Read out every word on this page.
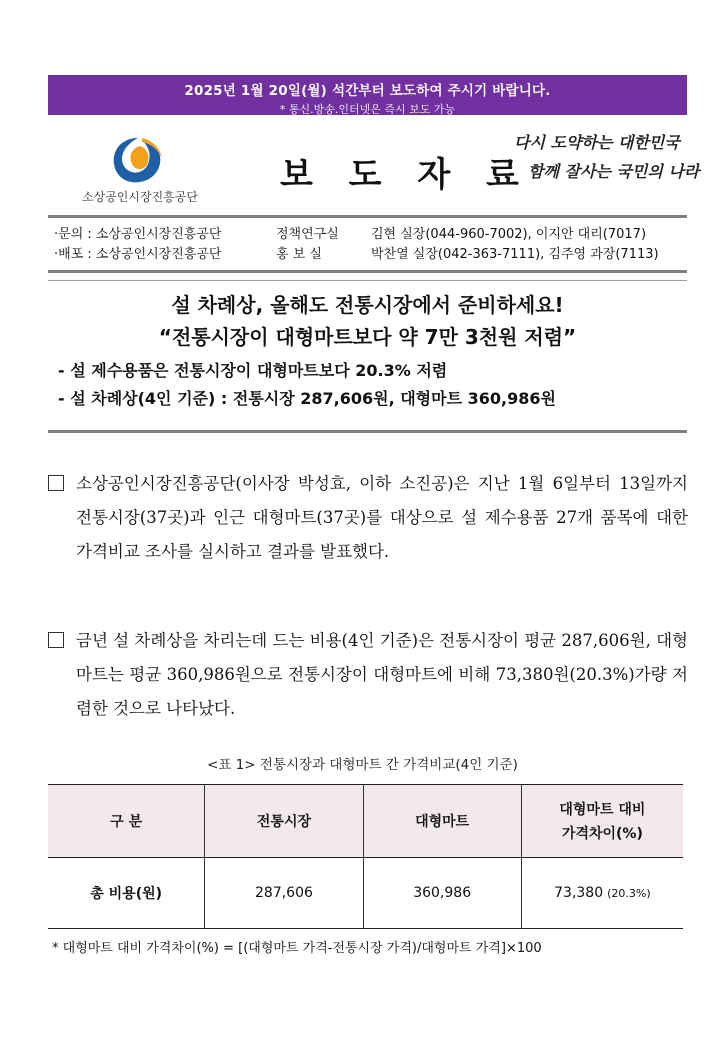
2025년 1월 20일(월) 석간부터 보도하여 주시기 바랍니다.
* 통신.방송.인터넷은 즉시 보도 가능
소상공인시장진흥공단
보 도 자 료
다시 도약하는 대한민국
함께 잘사는 국민의 나라
·문의 : 소상공인시장진흥공단	정책연구실 김현 실장(044-960-7002), 이지안 대리(7017)
·배포 : 소상공인시장진흥공단	홍 보 실	박찬열 실장(042-363-7111), 김주영 과장(7113)
설 차례상, 올해도 전통시장에서 준비하세요!
“전통시장이 대형마트보다 약 7만 3천원 저렴”
- 설 제수용품은 전통시장이 대형마트보다 20.3% 저렴
- 설 차례상(4인 기준) : 전통시장 287,606원, 대형마트 360,986원
소상공인시장진흥공단(이사장 박성효, 이하 소진공)은 지난 1월 6일부터 13일까지 전통시장(37곳)과 인근 대형마트(37곳)를 대상으로 설 제수용품 27개 품목에 대한 가격비교 조사를 실시하고 결과를 발표했다.
금년 설 차례상을 차리는데 드는 비용(4인 기준)은 전통시장이 평균 287,606원, 대형마트는 평균 360,986원으로 전통시장이 대형마트에 비해 73,380원(20.3%)가량 저렴한 것으로 나타났다.
<표 1> 전통시장과 대형마트 간 가격비교(4인 기준)
구 분	전통시장	대형마트	대형마트 대비
가격차이(%)

총 비용(원)	287,606	360,986	73,380 (20.3%)
* 대형마트 대비 가격차이(%) = [(대형마트 가격-전통시장 가격)/대형마트 가격]×100
